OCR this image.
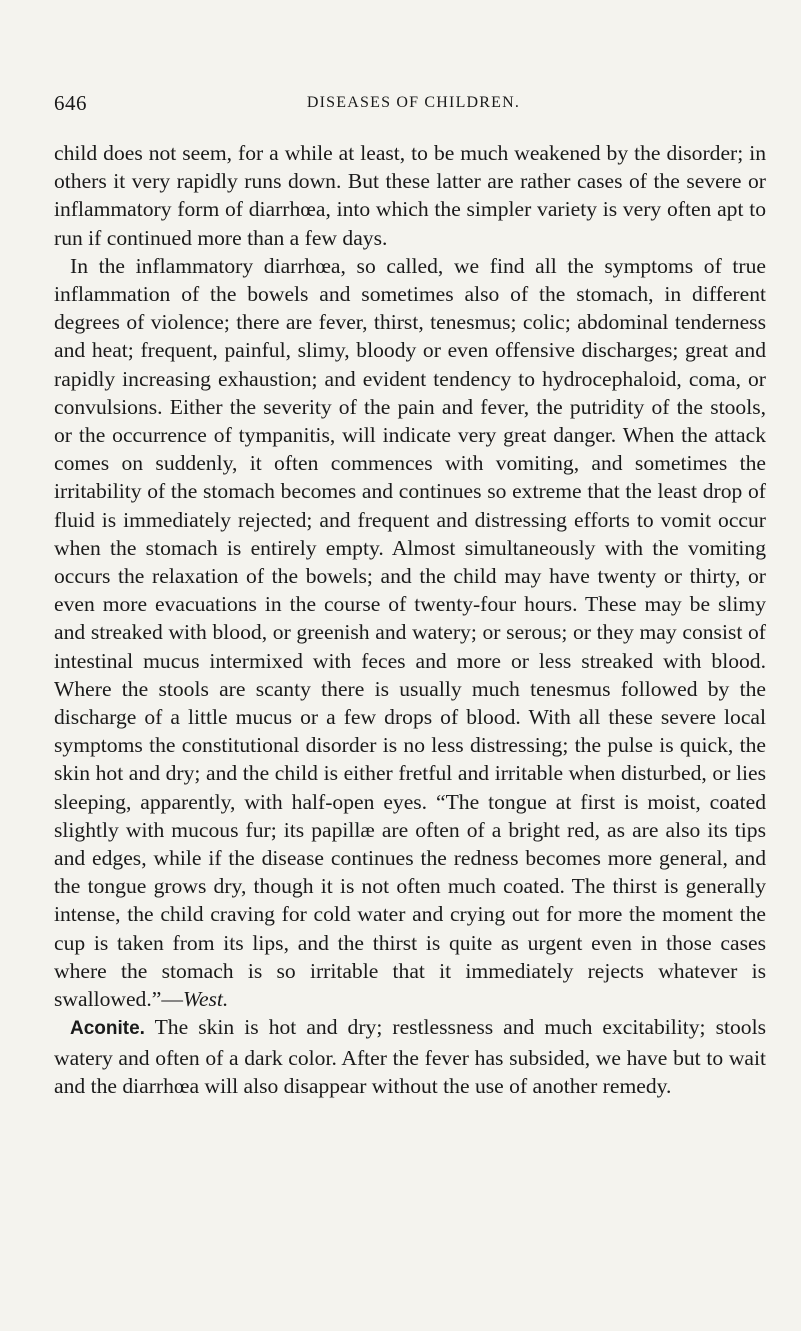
646	DISEASES OF CHILDREN.

child does not seem, for a while at least, to be much weakened by the disorder; in others it very rapidly runs down. But these latter are rather cases of the severe or inflammatory form of diarrhœa, into which the simpler variety is very often apt to run if continued more than a few days.

In the inflammatory diarrhœa, so called, we find all the symptoms of true inflammation of the bowels and sometimes also of the stomach, in different degrees of violence; there are fever, thirst, tenesmus; colic; abdominal tenderness and heat; frequent, painful, slimy, bloody or even offensive discharges; great and rapidly increasing exhaustion; and evident tendency to hydrocephaloid, coma, or convulsions. Either the severity of the pain and fever, the putridity of the stools, or the occurrence of tympanitis, will indicate very great danger. When the attack comes on suddenly, it often commences with vomiting, and sometimes the irritability of the stomach becomes and continues so extreme that the least drop of fluid is immediately rejected; and frequent and distressing efforts to vomit occur when the stomach is entirely empty. Almost simultaneously with the vomiting occurs the relaxation of the bowels; and the child may have twenty or thirty, or even more evacuations in the course of twenty-four hours. These may be slimy and streaked with blood, or greenish and watery; or serous; or they may consist of intestinal mucus intermixed with feces and more or less streaked with blood. Where the stools are scanty there is usually much tenesmus followed by the discharge of a little mucus or a few drops of blood. With all these severe local symptoms the constitutional disorder is no less distressing; the pulse is quick, the skin hot and dry; and the child is either fretful and irritable when disturbed, or lies sleeping, apparently, with half-open eyes. “The tongue at first is moist, coated slightly with mucous fur; its papillæ are often of a bright red, as are also its tips and edges, while if the disease continues the redness becomes more general, and the tongue grows dry, though it is not often much coated. The thirst is generally intense, the child craving for cold water and crying out for more the moment the cup is taken from its lips, and the thirst is quite as urgent even in those cases where the stomach is so irritable that it immediately rejects whatever is swallowed.”—West.

Aconite. The skin is hot and dry; restlessness and much excitability; stools watery and often of a dark color. After the fever has subsided, we have but to wait and the diarrhœa will also disappear without the use of another remedy.
